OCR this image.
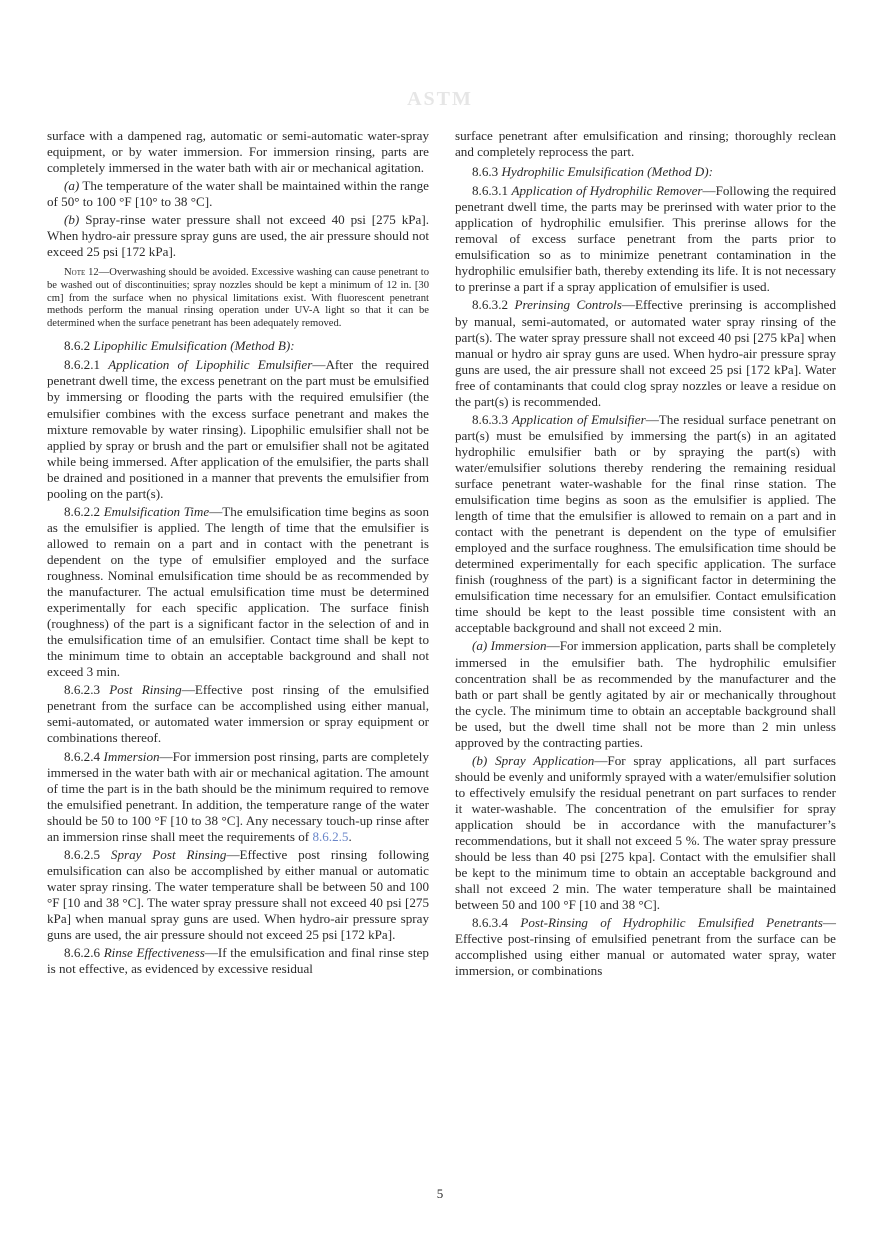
ASTM

surface with a dampened rag, automatic or semi-automatic water-spray equipment, or by water immersion. For immersion rinsing, parts are completely immersed in the water bath with air or mechanical agitation.

(a) The temperature of the water shall be maintained within the range of 50° to 100 °F [10° to 38 °C].

(b) Spray-rinse water pressure shall not exceed 40 psi [275 kPa]. When hydro-air pressure spray guns are used, the air pressure should not exceed 25 psi [172 kPa].

Note 12—Overwashing should be avoided. Excessive washing can cause penetrant to be washed out of discontinuities; spray nozzles should be kept a minimum of 12 in. [30 cm] from the surface when no physical limitations exist. With fluorescent penetrant methods perform the manual rinsing operation under UV-A light so that it can be determined when the surface penetrant has been adequately removed.
8.6.2 Lipophilic Emulsification (Method B):

8.6.2.1 Application of Lipophilic Emulsifier—After the required penetrant dwell time, the excess penetrant on the part must be emulsified by immersing or flooding the parts with the required emulsifier (the emulsifier combines with the excess surface penetrant and makes the mixture removable by water rinsing). Lipophilic emulsifier shall not be applied by spray or brush and the part or emulsifier shall not be agitated while being immersed. After application of the emulsifier, the parts shall be drained and positioned in a manner that prevents the emulsifier from pooling on the part(s).

8.6.2.2 Emulsification Time—The emulsification time begins as soon as the emulsifier is applied. The length of time that the emulsifier is allowed to remain on a part and in contact with the penetrant is dependent on the type of emulsifier employed and the surface roughness. Nominal emulsification time should be as recommended by the manufacturer. The actual emulsification time must be determined experimentally for each specific application. The surface finish (roughness) of the part is a significant factor in the selection of and in the emulsification time of an emulsifier. Contact time shall be kept to the minimum time to obtain an acceptable background and shall not exceed 3 min.

8.6.2.3 Post Rinsing—Effective post rinsing of the emulsified penetrant from the surface can be accomplished using either manual, semi-automated, or automated water immersion or spray equipment or combinations thereof.

8.6.2.4 Immersion—For immersion post rinsing, parts are completely immersed in the water bath with air or mechanical agitation. The amount of time the part is in the bath should be the minimum required to remove the emulsified penetrant. In addition, the temperature range of the water should be 50 to 100 °F [10 to 38 °C]. Any necessary touch-up rinse after an immersion rinse shall meet the requirements of 8.6.2.5.

8.6.2.5 Spray Post Rinsing—Effective post rinsing following emulsification can also be accomplished by either manual or automatic water spray rinsing. The water temperature shall be between 50 and 100 °F [10 and 38 °C]. The water spray pressure shall not exceed 40 psi [275 kPa] when manual spray guns are used. When hydro-air pressure spray guns are used, the air pressure should not exceed 25 psi [172 kPa].

8.6.2.6 Rinse Effectiveness—If the emulsification and final rinse step is not effective, as evidenced by excessive residual

surface penetrant after emulsification and rinsing; thoroughly reclean and completely reprocess the part.

8.6.3 Hydrophilic Emulsification (Method D):

8.6.3.1 Application of Hydrophilic Remover—Following the required penetrant dwell time, the parts may be prerinsed with water prior to the application of hydrophilic emulsifier. This prerinse allows for the removal of excess surface penetrant from the parts prior to emulsification so as to minimize penetrant contamination in the hydrophilic emulsifier bath, thereby extending its life. It is not necessary to prerinse a part if a spray application of emulsifier is used.

8.6.3.2 Prerinsing Controls—Effective prerinsing is accomplished by manual, semi-automated, or automated water spray rinsing of the part(s). The water spray pressure shall not exceed 40 psi [275 kPa] when manual or hydro air spray guns are used. When hydro-air pressure spray guns are used, the air pressure shall not exceed 25 psi [172 kPa]. Water free of contaminants that could clog spray nozzles or leave a residue on the part(s) is recommended.

8.6.3.3 Application of Emulsifier—The residual surface penetrant on part(s) must be emulsified by immersing the part(s) in an agitated hydrophilic emulsifier bath or by spraying the part(s) with water/emulsifier solutions thereby rendering the remaining residual surface penetrant water-washable for the final rinse station. The emulsification time begins as soon as the emulsifier is applied. The length of time that the emulsifier is allowed to remain on a part and in contact with the penetrant is dependent on the type of emulsifier employed and the surface roughness. The emulsification time should be determined experimentally for each specific application. The surface finish (roughness of the part) is a significant factor in determining the emulsification time necessary for an emulsifier. Contact emulsification time should be kept to the least possible time consistent with an acceptable background and shall not exceed 2 min.

(a) Immersion—For immersion application, parts shall be completely immersed in the emulsifier bath. The hydrophilic emulsifier concentration shall be as recommended by the manufacturer and the bath or part shall be gently agitated by air or mechanically throughout the cycle. The minimum time to obtain an acceptable background shall be used, but the dwell time shall not be more than 2 min unless approved by the contracting parties.

(b) Spray Application—For spray applications, all part surfaces should be evenly and uniformly sprayed with a water/emulsifier solution to effectively emulsify the residual penetrant on part surfaces to render it water-washable. The concentration of the emulsifier for spray application should be in accordance with the manufacturer’s recommendations, but it shall not exceed 5 %. The water spray pressure should be less than 40 psi [275 kpa]. Contact with the emulsifier shall be kept to the minimum time to obtain an acceptable background and shall not exceed 2 min. The water temperature shall be maintained between 50 and 100 °F [10 and 38 °C].

8.6.3.4 Post-Rinsing of Hydrophilic Emulsified Penetrants—Effective post-rinsing of emulsified penetrant from the surface can be accomplished using either manual or automated water spray, water immersion, or combinations

5
